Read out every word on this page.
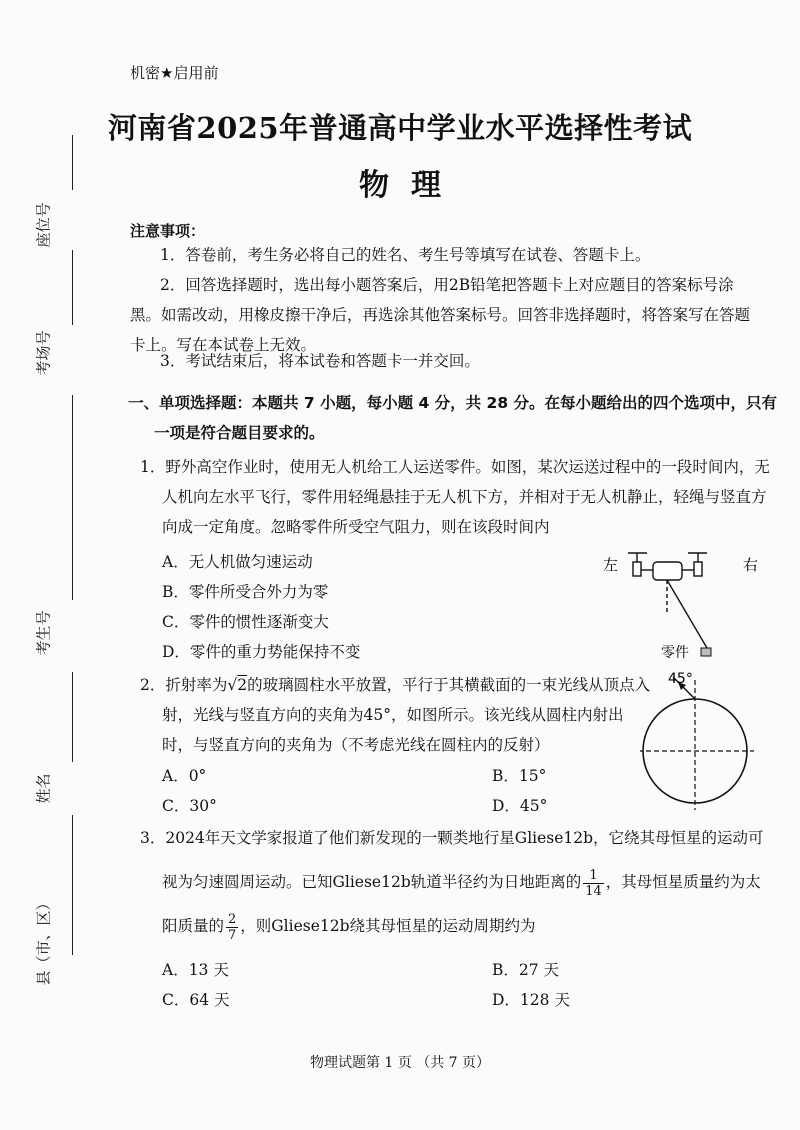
座位号
考场号
考生号
姓名
县（市、区）
机密★启用前
河南省2025年普通高中学业水平选择性考试
物理
注意事项：
1．答卷前，考生务必将自己的姓名、考生号等填写在试卷、答题卡上。
2．回答选择题时，选出每小题答案后，用2B铅笔把答题卡上对应题目的答案标号涂黑。如需改动，用橡皮擦干净后，再选涂其他答案标号。回答非选择题时，将答案写在答题卡上。写在本试卷上无效。
3．考试结束后，将本试卷和答题卡一并交回。
一、单项选择题：本题共 7 小题，每小题 4 分，共 28 分。在每小题给出的四个选项中，只有一项是符合题目要求的。
1．野外高空作业时，使用无人机给工人运送零件。如图，某次运送过程中的一段时间内，无人机向左水平飞行，零件用轻绳悬挂于无人机下方，并相对于无人机静止，轻绳与竖直方向成一定角度。忽略零件所受空气阻力，则在该段时间内
A．无人机做匀速运动
B．零件所受合外力为零
C．零件的惯性逐渐变大
D．零件的重力势能保持不变
左	右
零件
2．折射率为√2的玻璃圆柱水平放置，平行于其横截面的一束光线从顶点入射，光线与竖直方向的夹角为45°，如图所示。该光线从圆柱内射出时，与竖直方向的夹角为（不考虑光线在圆柱内的反射）
A．0°	B．15°
C．30°	D．45°
45°
3．2024年天文学家报道了他们新发现的一颗类地行星Gliese12b，它绕其母恒星的运动可视为匀速圆周运动。已知Gliese12b轨道半径约为日地距离的 $\frac{1}{14}$ ，其母恒星质量约为太阳质量的 $\frac{2}{7}$ ，则Gliese12b绕其母恒星的运动周期约为
A．13 天	B．27 天
C．64 天	D．128 天
物理试题第 1 页 （共 7 页）
